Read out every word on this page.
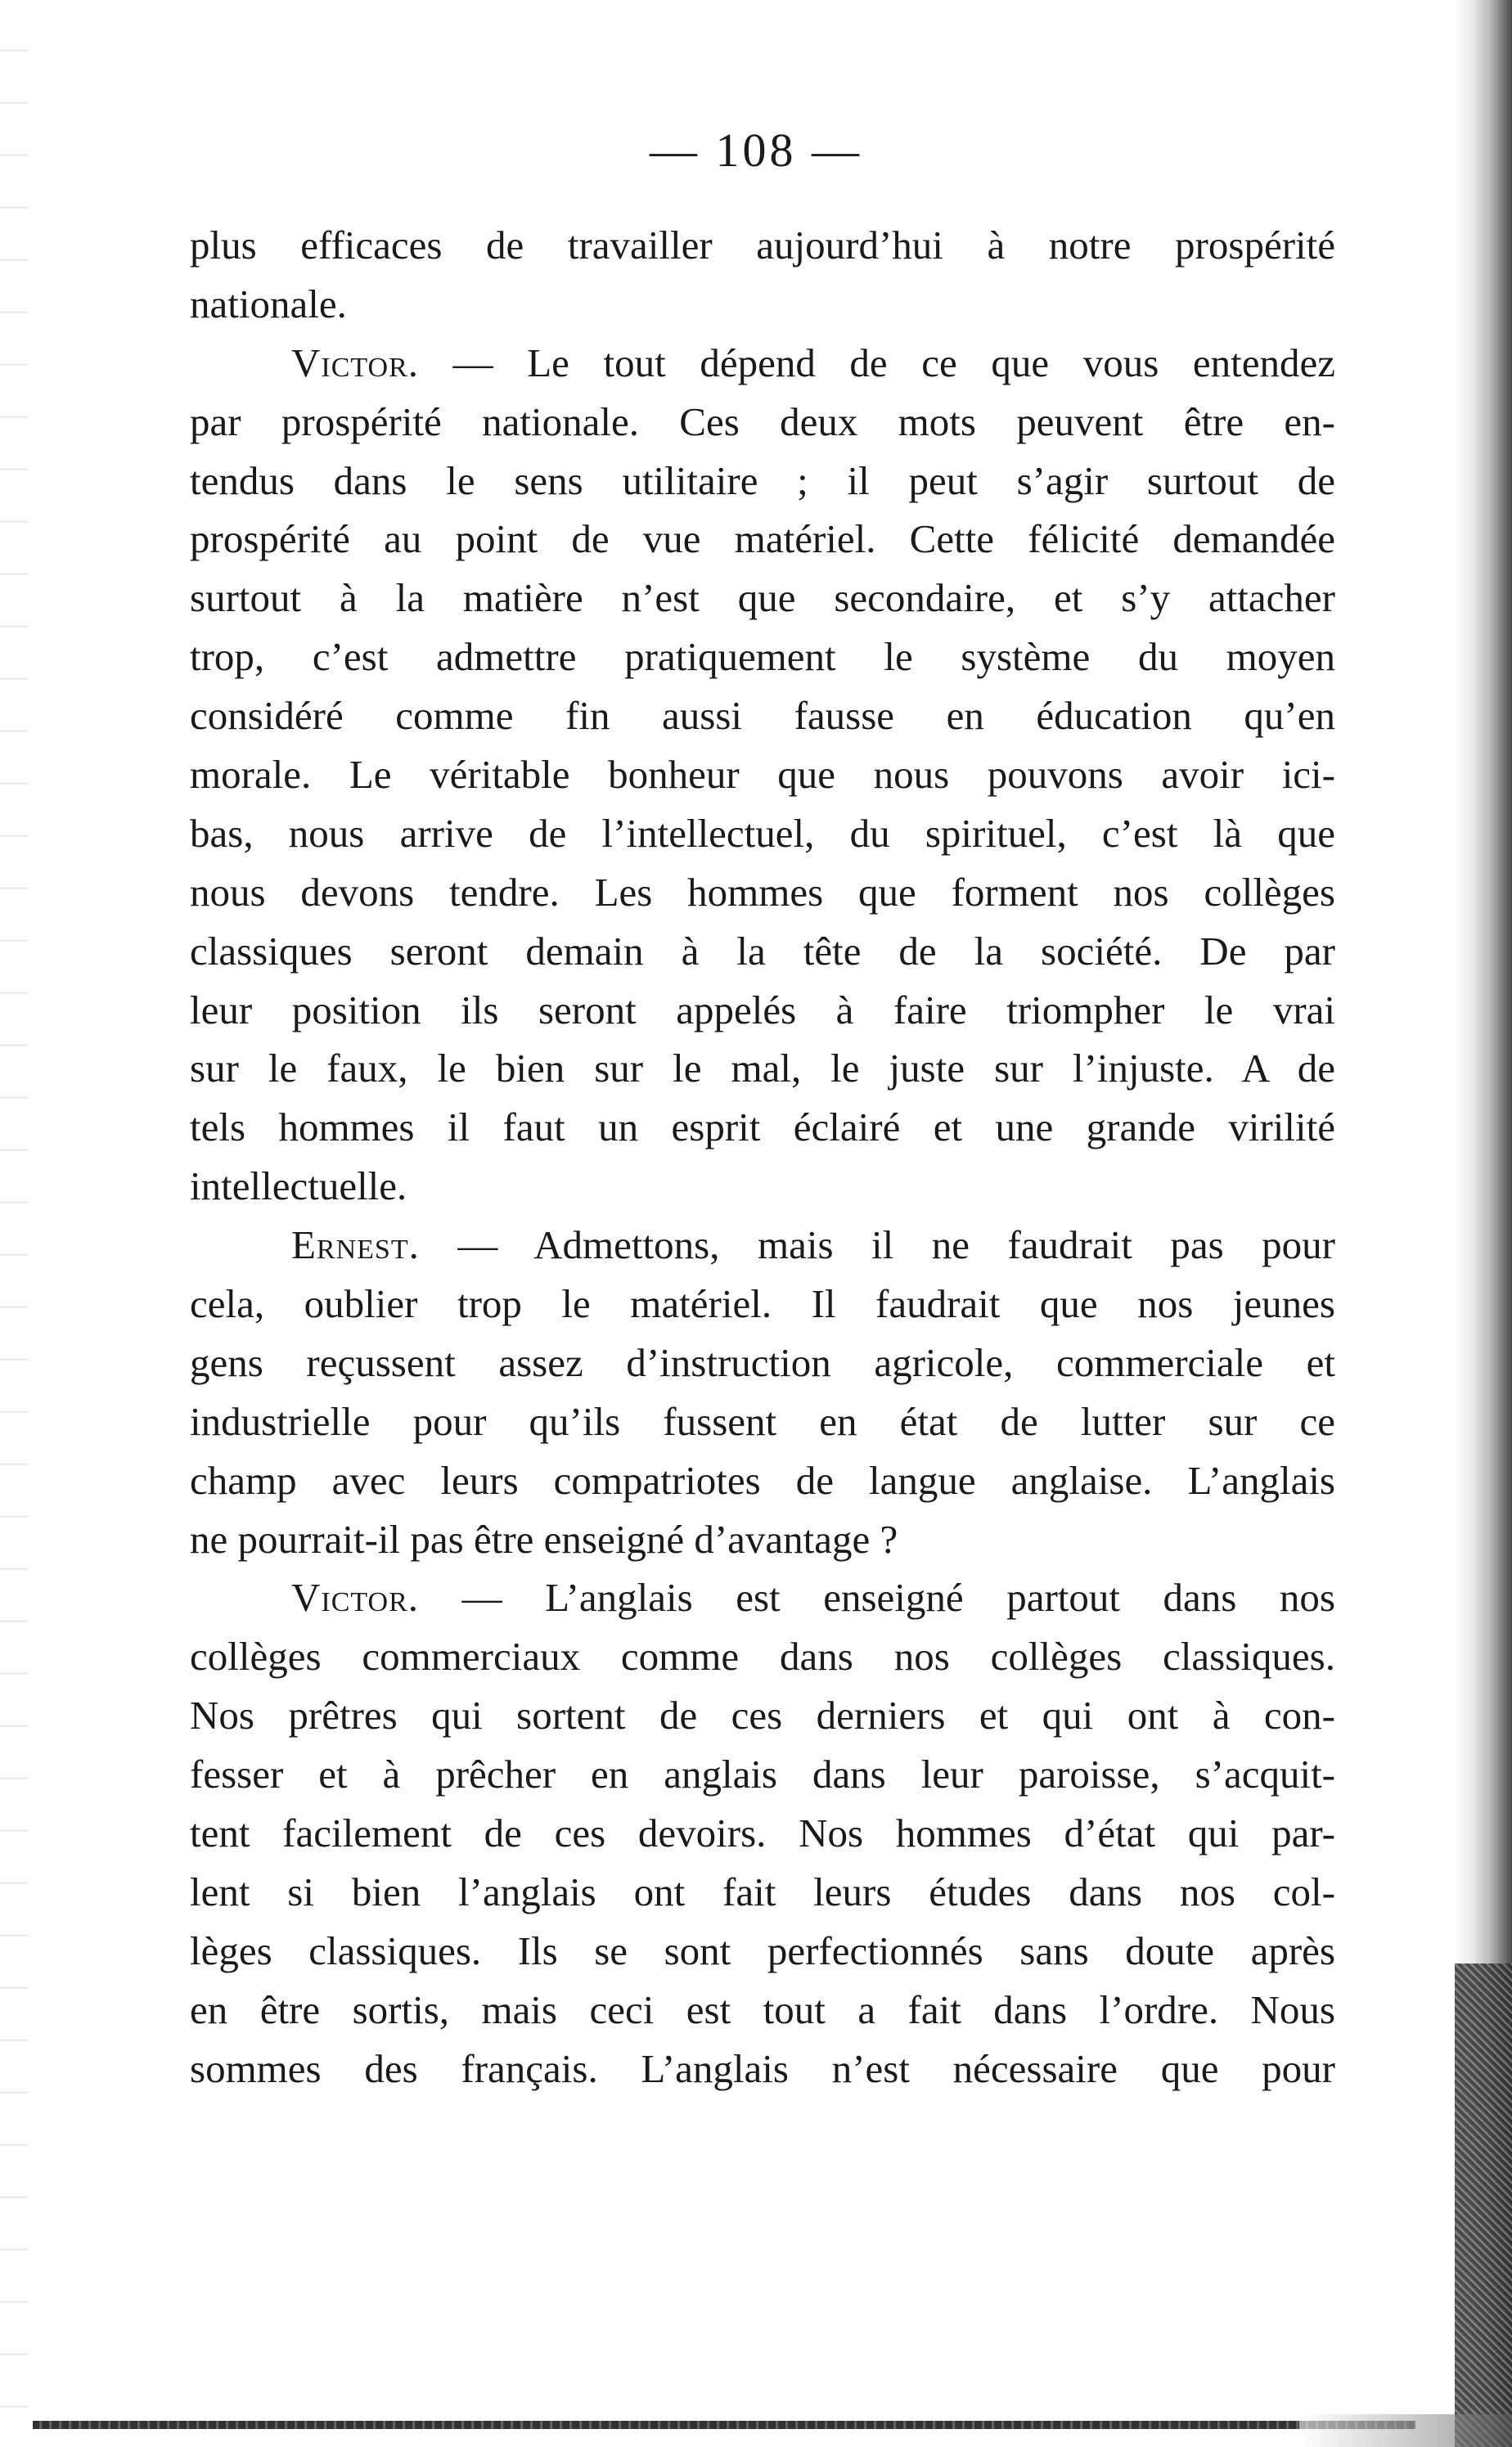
— 108 —
plus efficaces de travailler aujourd’hui à notre prospérité
nationale.
Victor. — Le tout dépend de ce que vous entendez
par prospérité nationale. Ces deux mots peuvent être en-
tendus dans le sens utilitaire ; il peut s’agir surtout de
prospérité au point de vue matériel. Cette félicité demandée
surtout à la matière n’est que secondaire, et s’y attacher
trop, c’est admettre pratiquement le système du moyen
considéré comme fin aussi fausse en éducation qu’en
morale. Le véritable bonheur que nous pouvons avoir ici-
bas, nous arrive de l’intellectuel, du spirituel, c’est là que
nous devons tendre. Les hommes que forment nos collèges
classiques seront demain à la tête de la société. De par
leur position ils seront appelés à faire triompher le vrai
sur le faux, le bien sur le mal, le juste sur l’injuste. A de
tels hommes il faut un esprit éclairé et une grande virilité
intellectuelle.
Ernest. — Admettons, mais il ne faudrait pas pour
cela, oublier trop le matériel. Il faudrait que nos jeunes
gens reçussent assez d’instruction agricole, commerciale et
industrielle pour qu’ils fussent en état de lutter sur ce
champ avec leurs compatriotes de langue anglaise. L’anglais
ne pourrait-il pas être enseigné d’avantage ?
Victor. — L’anglais est enseigné partout dans nos
collèges commerciaux comme dans nos collèges classiques.
Nos prêtres qui sortent de ces derniers et qui ont à con-
fesser et à prêcher en anglais dans leur paroisse, s’acquit-
tent facilement de ces devoirs. Nos hommes d’état qui par-
lent si bien l’anglais ont fait leurs études dans nos col-
lèges classiques. Ils se sont perfectionnés sans doute après
en être sortis, mais ceci est tout a fait dans l’ordre. Nous
sommes des français. L’anglais n’est nécessaire que pour
